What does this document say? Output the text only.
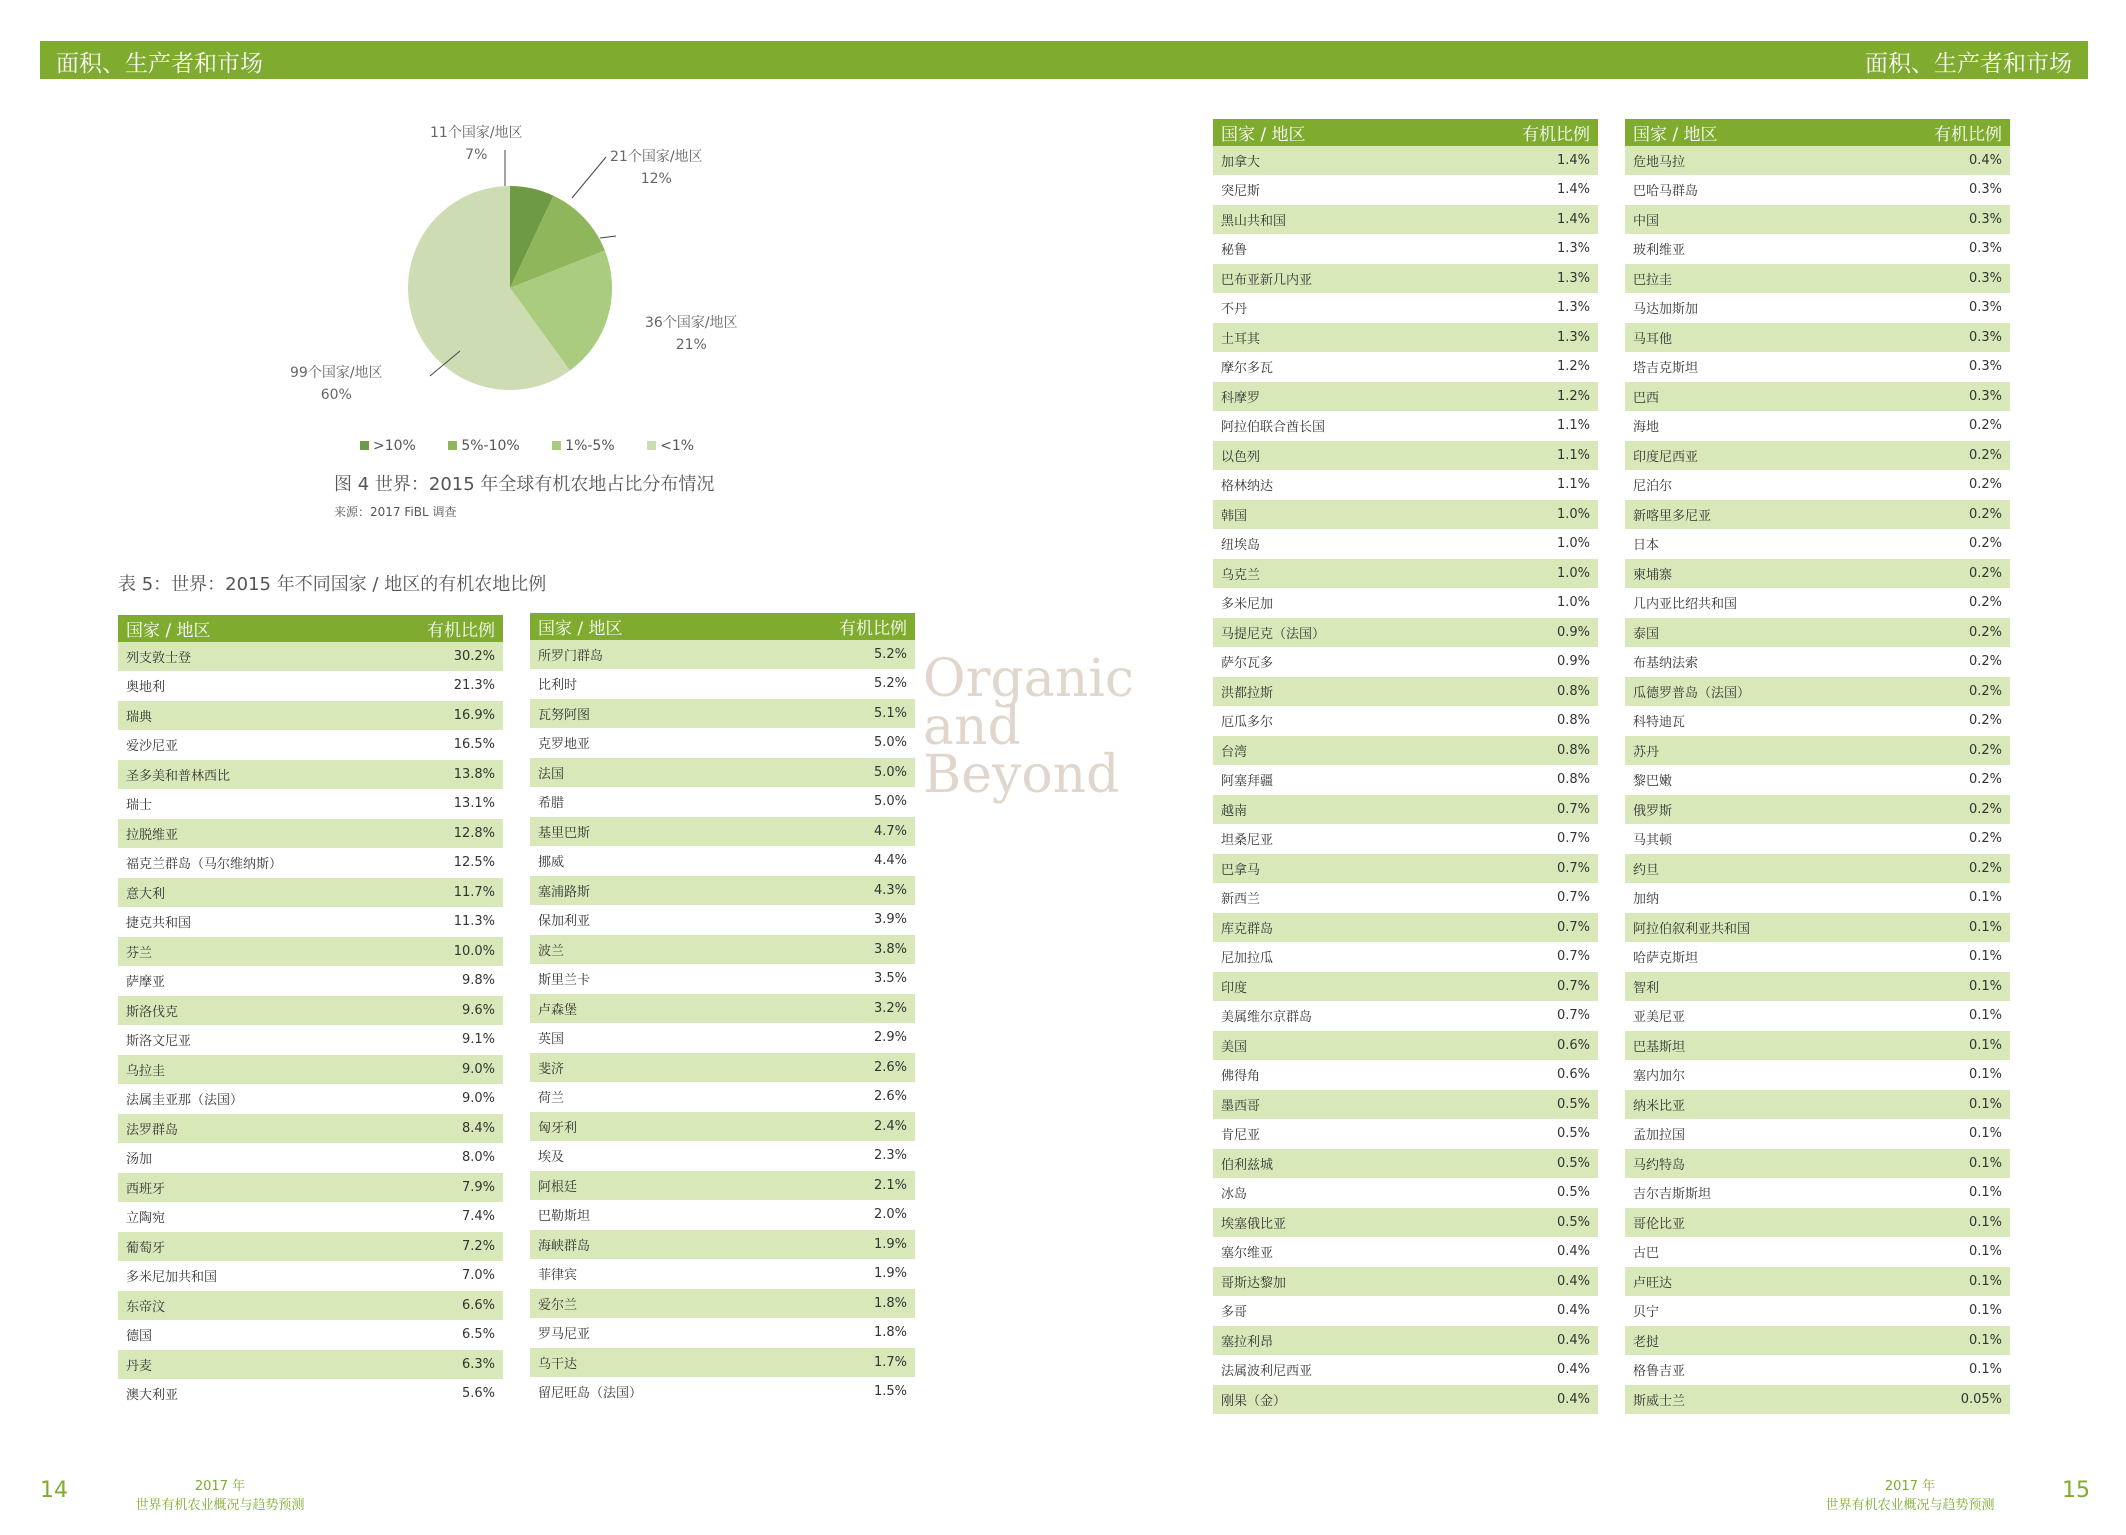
面积、生产者和市场	面积、生产者和市场
11个国家/地区
7%	21个国家/地区
12%
36个国家/地区
21%
99个国家/地区
60%
>10%	5%-10%	1%-5%	<1%
图 4 世界：2015 年全球有机农地占比分布情况
来源：2017 FiBL 调查
表 5：世界：2015 年不同国家 / 地区的有机农地比例
Organic
and
Beyond
国家 / 地区	有机比例
列支敦士登	30.2%
奥地利	21.3%
瑞典	16.9%
爱沙尼亚	16.5%
圣多美和普林西比	13.8%
瑞士	13.1%
拉脱维亚	12.8%
福克兰群岛（马尔维纳斯）	12.5%
意大利	11.7%
捷克共和国	11.3%
芬兰	10.0%
萨摩亚	9.8%
斯洛伐克	9.6%
斯洛文尼亚	9.1%
乌拉圭	9.0%
法属圭亚那（法国）	9.0%
法罗群岛	8.4%
汤加	8.0%
西班牙	7.9%
立陶宛	7.4%
葡萄牙	7.2%
多米尼加共和国	7.0%
东帝汶	6.6%
德国	6.5%
丹麦	6.3%
澳大利亚	5.6%
国家 / 地区	有机比例
所罗门群岛	5.2%
比利时	5.2%
瓦努阿图	5.1%
克罗地亚	5.0%
法国	5.0%
希腊	5.0%
基里巴斯	4.7%
挪威	4.4%
塞浦路斯	4.3%
保加利亚	3.9%
波兰	3.8%
斯里兰卡	3.5%
卢森堡	3.2%
英国	2.9%
斐济	2.6%
荷兰	2.6%
匈牙利	2.4%
埃及	2.3%
阿根廷	2.1%
巴勒斯坦	2.0%
海峡群岛	1.9%
菲律宾	1.9%
爱尔兰	1.8%
罗马尼亚	1.8%
乌干达	1.7%
留尼旺岛（法国）	1.5%
国家 / 地区	有机比例
加拿大	1.4%
突尼斯	1.4%
黑山共和国	1.4%
秘鲁	1.3%
巴布亚新几内亚	1.3%
不丹	1.3%
土耳其	1.3%
摩尔多瓦	1.2%
科摩罗	1.2%
阿拉伯联合酋长国	1.1%
以色列	1.1%
格林纳达	1.1%
韩国	1.0%
纽埃岛	1.0%
乌克兰	1.0%
多米尼加	1.0%
马提尼克（法国）	0.9%
萨尔瓦多	0.9%
洪都拉斯	0.8%
厄瓜多尔	0.8%
台湾	0.8%
阿塞拜疆	0.8%
越南	0.7%
坦桑尼亚	0.7%
巴拿马	0.7%
新西兰	0.7%
库克群岛	0.7%
尼加拉瓜	0.7%
印度	0.7%
美属维尔京群岛	0.7%
美国	0.6%
佛得角	0.6%
墨西哥	0.5%
肯尼亚	0.5%
伯利兹城	0.5%
冰岛	0.5%
埃塞俄比亚	0.5%
塞尔维亚	0.4%
哥斯达黎加	0.4%
多哥	0.4%
塞拉利昂	0.4%
法属波利尼西亚	0.4%
刚果（金）	0.4%
国家 / 地区	有机比例
危地马拉	0.4%
巴哈马群岛	0.3%
中国	0.3%
玻利维亚	0.3%
巴拉圭	0.3%
马达加斯加	0.3%
马耳他	0.3%
塔吉克斯坦	0.3%
巴西	0.3%
海地	0.2%
印度尼西亚	0.2%
尼泊尔	0.2%
新喀里多尼亚	0.2%
日本	0.2%
柬埔寨	0.2%
几内亚比绍共和国	0.2%
泰国	0.2%
布基纳法索	0.2%
瓜德罗普岛（法国）	0.2%
科特迪瓦	0.2%
苏丹	0.2%
黎巴嫩	0.2%
俄罗斯	0.2%
马其顿	0.2%
约旦	0.2%
加纳	0.1%
阿拉伯叙利亚共和国	0.1%
哈萨克斯坦	0.1%
智利	0.1%
亚美尼亚	0.1%
巴基斯坦	0.1%
塞内加尔	0.1%
纳米比亚	0.1%
孟加拉国	0.1%
马约特岛	0.1%
吉尔吉斯斯坦	0.1%
哥伦比亚	0.1%
古巴	0.1%
卢旺达	0.1%
贝宁	0.1%
老挝	0.1%
格鲁吉亚	0.1%
斯威士兰	0.05%
14	2017 年
世界有机农业概况与趋势预测
2017 年
世界有机农业概况与趋势预测
15
